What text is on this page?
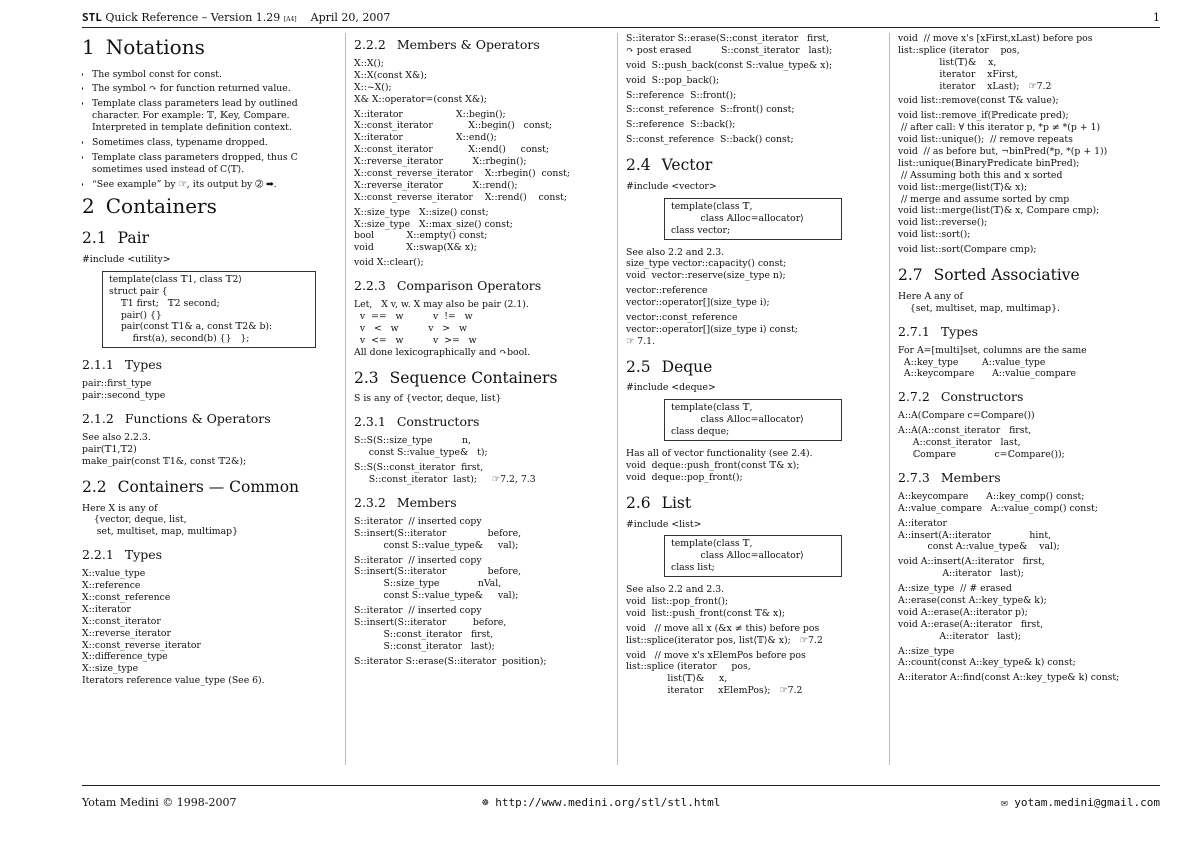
STL Quick Reference – Version 1.29 [A4] April 20, 2007	1
1 Notations
• The symbol const for const.
• The symbol ↷ for function returned value.
• Template class parameters lead by outlined character. For example: 𝕋, 𝕂ey, ℂompare. Interpreted in template definition context.
• Sometimes class, typename dropped.
• Template class parameters dropped, thus C sometimes used instead of C⟨𝕋⟩.
• “See example” by ☞, its output by ➁ ➡.
2 Containers
2.1 Pair
#include <utility>
template⟨class 𝕋1, class 𝕋2⟩
struct pair {
𝕋1 first;   𝕋2 second;
pair() {}
pair(const 𝕋1& a, const 𝕋2& b):
first(a), second(b) {}   };
2.1.1 Types
pair::first_type
pair::second_type
2.1.2 Functions & Operators
See also 2.2.3.
pair(𝕋1,𝕋2)
make_pair(const 𝕋1&, const 𝕋2&);
2.2 Containers — Common
Here X is any of
{vector, deque, list,
set, multiset, map, multimap}
2.2.1 Types
X::value_type
X::reference
X::const_reference
X::iterator
X::const_iterator
X::reverse_iterator
X::const_reverse_iterator
X::difference_type
X::size_type
Iterators reference value_type (See 6).
2.2.2 Members & Operators
X::X();
X::X(const X&);
X::~X();
X& X::operator=(const X&);
X::iterator                  X::begin();
X::const_iterator            X::begin()   const;
X::iterator                  X::end();
X::const_iterator            X::end()     const;
X::reverse_iterator          X::rbegin();
X::const_reverse_iterator    X::rbegin()  const;
X::reverse_iterator          X::rend();
X::const_reverse_iterator    X::rend()    const;
X::size_type   X::size() const;
X::size_type   X::max_size() const;
bool           X::empty() const;
void           X::swap(X& x);
void X::clear();
2.2.3 Comparison Operators
Let,   X v, w. X may also be pair (2.1).
v  ==   w          v  !=   w
v   <   w          v   >   w
v  <=   w          v  >=   w
All done lexicographically and ↷bool.
2.3 Sequence Containers
S is any of {vector, deque, list}
2.3.1 Constructors
S::S(S::size_type          n,
const S::value_type&   t);
S::S(S::const_iterator  first,
S::const_iterator  last);     ☞7.2, 7.3
2.3.2 Members
S::iterator  // inserted copy
S::insert(S::iterator              before,
const S::value_type&     val);
S::iterator  // inserted copy
S::insert(S::iterator              before,
S::size_type             nVal,
const S::value_type&     val);
S::iterator  // inserted copy
S::insert(S::iterator         before,
S::const_iterator   first,
S::const_iterator   last);
S::iterator S::erase(S::iterator  position);
S::iterator S::erase(S::const_iterator   first,
↷ post erased          S::const_iterator   last);
void  S::push_back(const S::value_type& x);
void  S::pop_back();
S::reference  S::front();
S::const_reference  S::front() const;
S::reference  S::back();
S::const_reference  S::back() const;
2.4 Vector
#include <vector>
template⟨class 𝕋,
class 𝔸lloc=allocator⟩
class vector;
See also 2.2 and 2.3.
size_type vector::capacity() const;
void  vector::reserve(size_type n);
vector::reference
vector::operator[](size_type i);
vector::const_reference
vector::operator[](size_type i) const;
☞ 7.1.
2.5 Deque
#include <deque>
template⟨class 𝕋,
class 𝔸lloc=allocator⟩
class deque;
Has all of vector functionality (see 2.4).
void  deque::push_front(const 𝕋& x);
void  deque::pop_front();
2.6 List
#include <list>
template⟨class 𝕋,
class 𝔸lloc=allocator⟩
class list;
See also 2.2 and 2.3.
void  list::pop_front();
void  list::push_front(const 𝕋& x);
void   // move all x (&x ≠ this) before pos
list::splice(iterator pos, list⟨𝕋⟩& x);   ☞7.2
void   // move x's xElemPos before pos
list::splice (iterator     pos,
list⟨𝕋⟩&     x,
iterator     xElemPos);   ☞7.2
void  // move x's [xFirst,xLast) before pos
list::splice (iterator    pos,
list⟨𝕋⟩&    x,
iterator    xFirst,
iterator    xLast);   ☞7.2
void list::remove(const 𝕋& value);
void list::remove_if(ℙredicate pred);
// after call: ∀ this iterator p, *p ≠ *(p + 1)
void list::unique();  // remove repeats
void  // as before but, ¬binPred(*p, *(p + 1))
list::unique(𝔹inaryℙredicate binPred);
// Assuming both this and x sorted
void list::merge(list⟨𝕋⟩& x);
// merge and assume sorted by cmp
void list::merge(list⟨𝕋⟩& x, ℂompare cmp);
void list::reverse();
void list::sort();
void list::sort(ℂompare cmp);
2.7 Sorted Associative
Here A any of
{set, multiset, map, multimap}.
2.7.1 Types
For A=[multi]set, columns are the same
A::key_type        A::value_type
A::keycompare      A::value_compare
2.7.2 Constructors
A::A(ℂompare c=ℂompare())
A::A(A::const_iterator   first,
A::const_iterator   last,
ℂompare             c=ℂompare());
2.7.3 Members
A::keycompare      A::key_comp() const;
A::value_compare   A::value_comp() const;
A::iterator
A::insert(A::iterator             hint,
const A::value_type&    val);
void A::insert(A::iterator   first,
A::iterator   last);
A::size_type  // # erased
A::erase(const A::key_type& k);
void A::erase(A::iterator p);
void A::erase(A::iterator   first,
A::iterator   last);
A::size_type
A::count(const A::key_type& k) const;
A::iterator A::find(const A::key_type& k) const;
Yotam Medini © 1998-2007	☸ http://www.medini.org/stl/stl.html	✉ yotam.medini@gmail.com
